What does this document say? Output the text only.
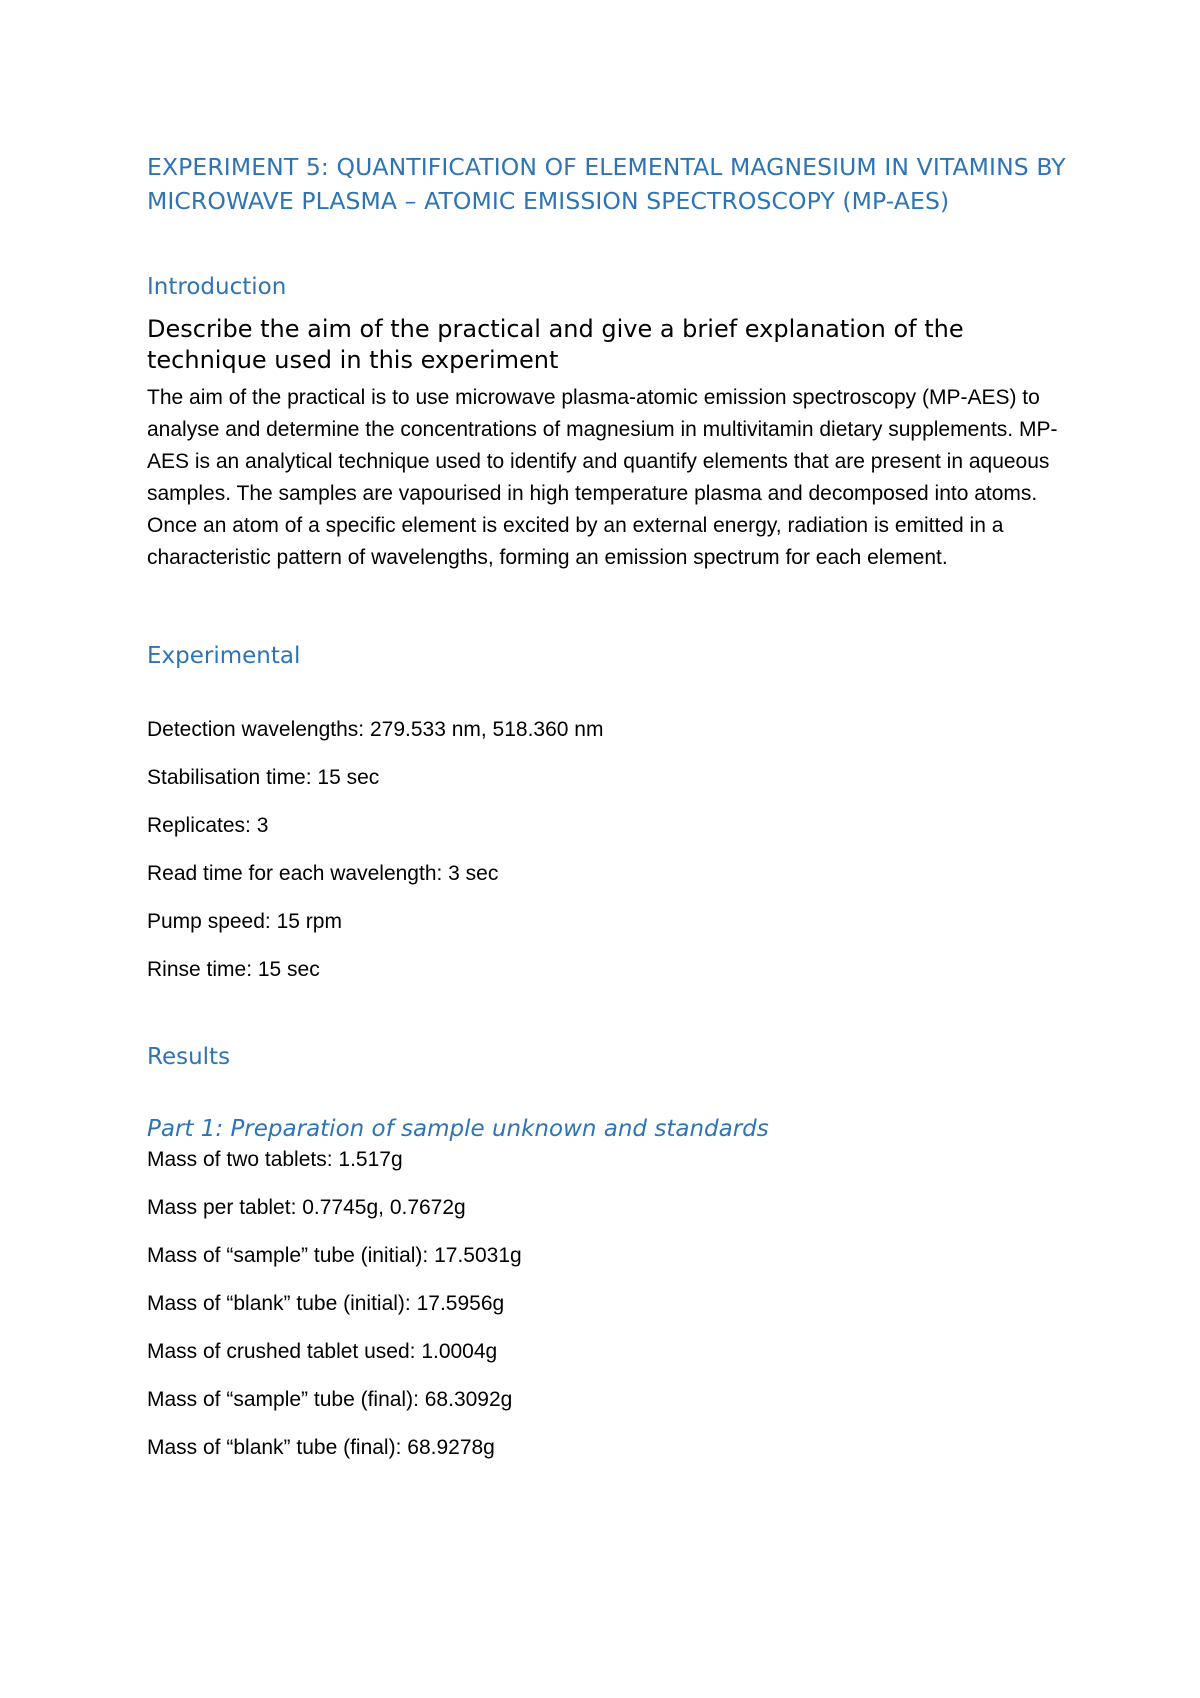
EXPERIMENT 5: QUANTIFICATION OF ELEMENTAL MAGNESIUM IN VITAMINS BY MICROWAVE PLASMA – ATOMIC EMISSION SPECTROSCOPY (MP-AES)
Introduction

Describe the aim of the practical and give a brief explanation of the technique used in this experiment

The aim of the practical is to use microwave plasma-atomic emission spectroscopy (MP-AES) to analyse and determine the concentrations of magnesium in multivitamin dietary supplements. MP-AES is an analytical technique used to identify and quantify elements that are present in aqueous samples. The samples are vapourised in high temperature plasma and decomposed into atoms. Once an atom of a specific element is excited by an external energy, radiation is emitted in a characteristic pattern of wavelengths, forming an emission spectrum for each element.

Experimental

Detection wavelengths: 279.533 nm, 518.360 nm

Stabilisation time: 15 sec

Replicates: 3

Read time for each wavelength: 3 sec

Pump speed: 15 rpm

Rinse time: 15 sec

Results
Part 1: Preparation of sample unknown and standards

Mass of two tablets: 1.517g

Mass per tablet: 0.7745g, 0.7672g

Mass of “sample” tube (initial): 17.5031g

Mass of “blank” tube (initial): 17.5956g

Mass of crushed tablet used: 1.0004g

Mass of “sample” tube (final): 68.3092g

Mass of “blank” tube (final): 68.9278g
